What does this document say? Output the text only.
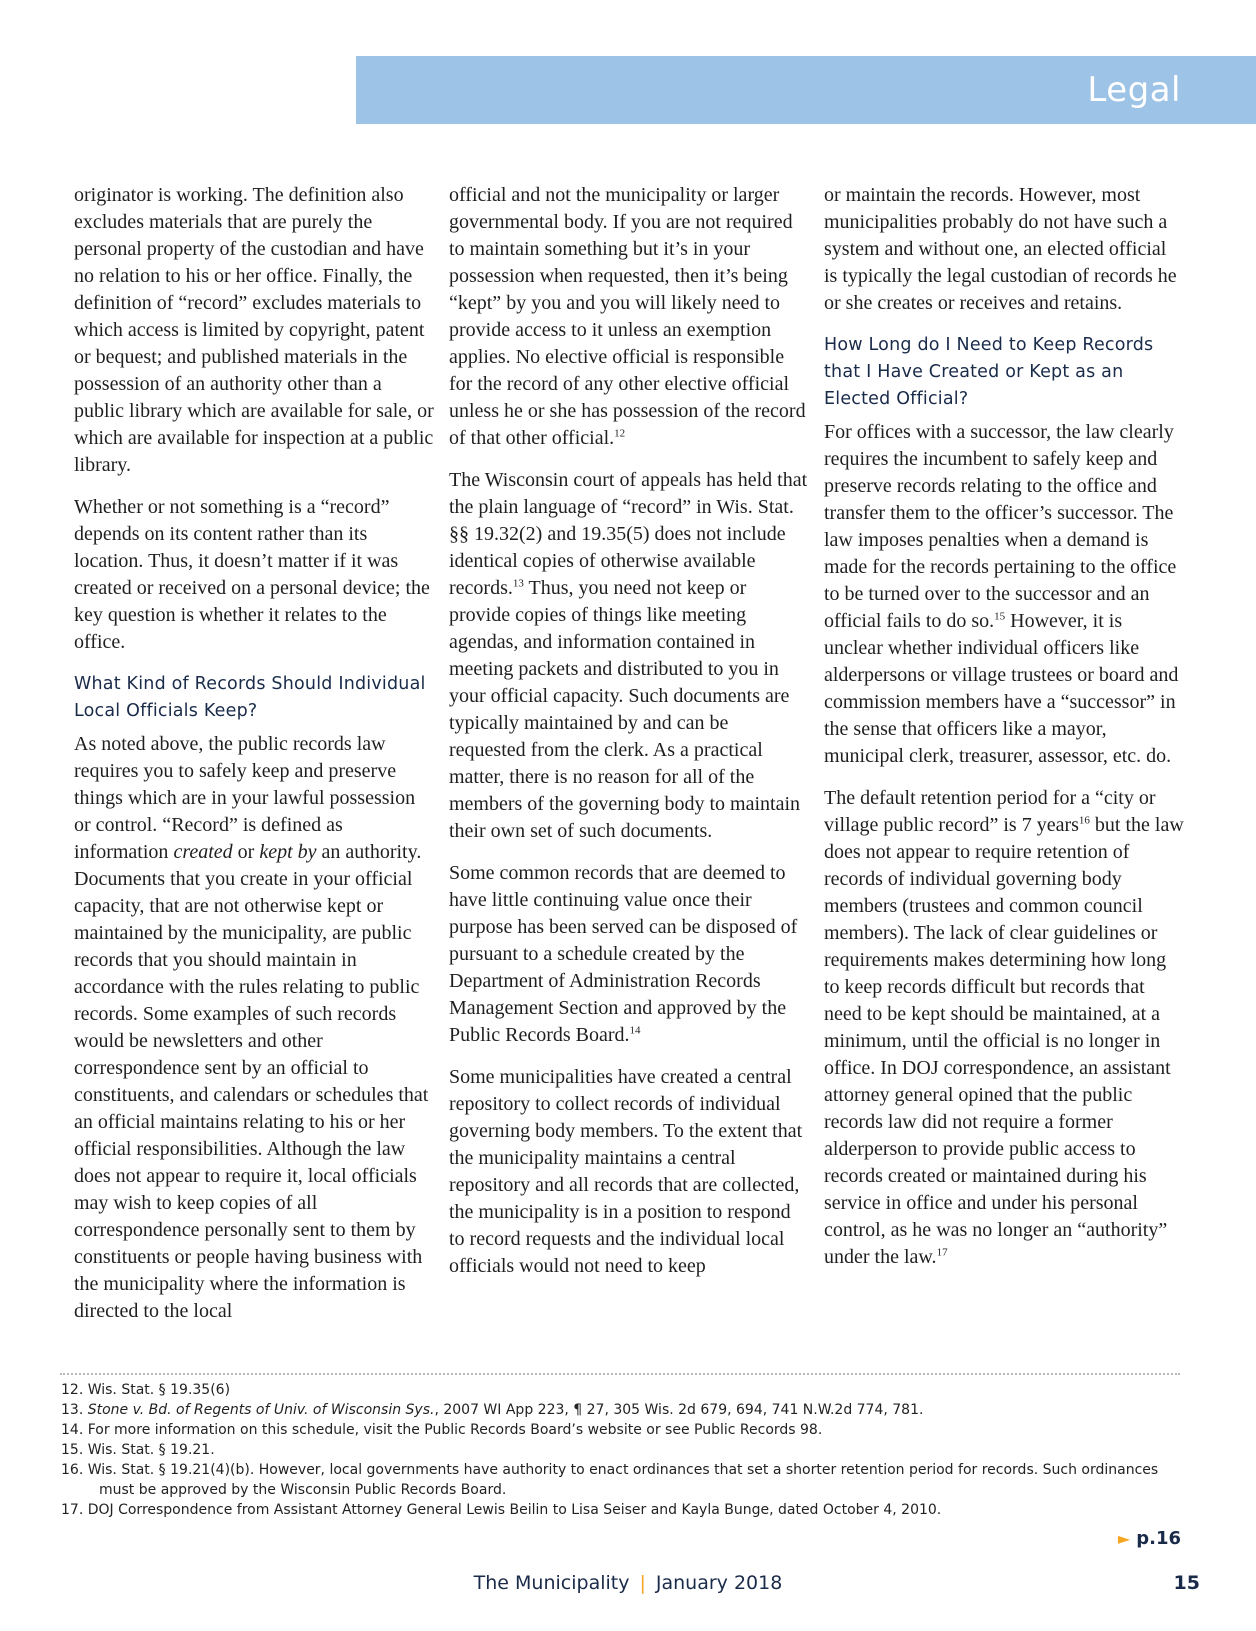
Legal

originator is working. The definition also excludes materials that are purely the personal property of the custodian and have no relation to his or her office. Finally, the definition of “record” excludes materials to which access is limited by copyright, patent or bequest; and published materials in the possession of an authority other than a public library which are available for sale, or which are available for inspection at a public library.

Whether or not something is a “record” depends on its content rather than its location. Thus, it doesn’t matter if it was created or received on a personal device; the key question is whether it relates to the office.

What Kind of Records Should Individual Local Officials Keep?

As noted above, the public records law requires you to safely keep and preserve things which are in your lawful possession or control. “Record” is defined as information created or kept by an authority. Documents that you create in your official capacity, that are not otherwise kept or maintained by the municipality, are public records that you should maintain in accordance with the rules relating to public records. Some examples of such records would be newsletters and other correspondence sent by an official to constituents, and calendars or schedules that an official maintains relating to his or her official responsibilities. Although the law does not appear to require it, local officials may wish to keep copies of all correspondence personally sent to them by constituents or people having business with the municipality where the information is directed to the local

official and not the municipality or larger governmental body. If you are not required to maintain something but it’s in your possession when requested, then it’s being “kept” by you and you will likely need to provide access to it unless an exemption applies. No elective official is responsible for the record of any other elective official unless he or she has possession of the record of that other official.$^{12}$

The Wisconsin court of appeals has held that the plain language of “record” in Wis. Stat. §§ 19.32(2) and 19.35(5) does not include identical copies of otherwise available records.$^{13}$ Thus, you need not keep or provide copies of things like meeting agendas, and information contained in meeting packets and distributed to you in your official capacity. Such documents are typically maintained by and can be requested from the clerk. As a practical matter, there is no reason for all of the members of the governing body to maintain their own set of such documents.

Some common records that are deemed to have little continuing value once their purpose has been served can be disposed of pursuant to a schedule created by the Department of Administration Records Management Section and approved by the Public Records Board.$^{14}$

Some municipalities have created a central repository to collect records of individual governing body members. To the extent that the municipality maintains a central repository and all records that are collected, the municipality is in a position to respond to record requests and the individual local officials would not need to keep

or maintain the records. However, most municipalities probably do not have such a system and without one, an elected official is typically the legal custodian of records he or she creates or receives and retains.

How Long do I Need to Keep Records that I Have Created or Kept as an Elected Official?

For offices with a successor, the law clearly requires the incumbent to safely keep and preserve records relating to the office and transfer them to the officer’s successor. The law imposes penalties when a demand is made for the records pertaining to the office to be turned over to the successor and an official fails to do so.$^{15}$ However, it is unclear whether individual officers like alderpersons or village trustees or board and commission members have a “successor” in the sense that officers like a mayor, municipal clerk, treasurer, assessor, etc. do.

The default retention period for a “city or village public record” is 7 years$^{16}$ but the law does not appear to require retention of records of individual governing body members (trustees and common council members). The lack of clear guidelines or requirements makes determining how long to keep records difficult but records that need to be kept should be maintained, at a minimum, until the official is no longer in office. In DOJ correspondence, an assistant attorney general opined that the public records law did not require a former alderperson to provide public access to records created or maintained during his service in office and under his personal control, as he was no longer an “authority” under the law.$^{17}$

12. Wis. Stat. § 19.35(6)
13. Stone v. Bd. of Regents of Univ. of Wisconsin Sys., 2007 WI App 223, ¶ 27, 305 Wis. 2d 679, 694, 741 N.W.2d 774, 781.
14. For more information on this schedule, visit the Public Records Board’s website or see Public Records 98.
15. Wis. Stat. § 19.21.
16. Wis. Stat. § 19.21(4)(b). However, local governments have authority to enact ordinances that set a shorter retention period for records. Such ordinances must be approved by the Wisconsin Public Records Board.
17. DOJ Correspondence from Assistant Attorney General Lewis Beilin to Lisa Seiser and Kayla Bunge, dated October 4, 2010.
► p.16
The Municipality | January 2018	15
